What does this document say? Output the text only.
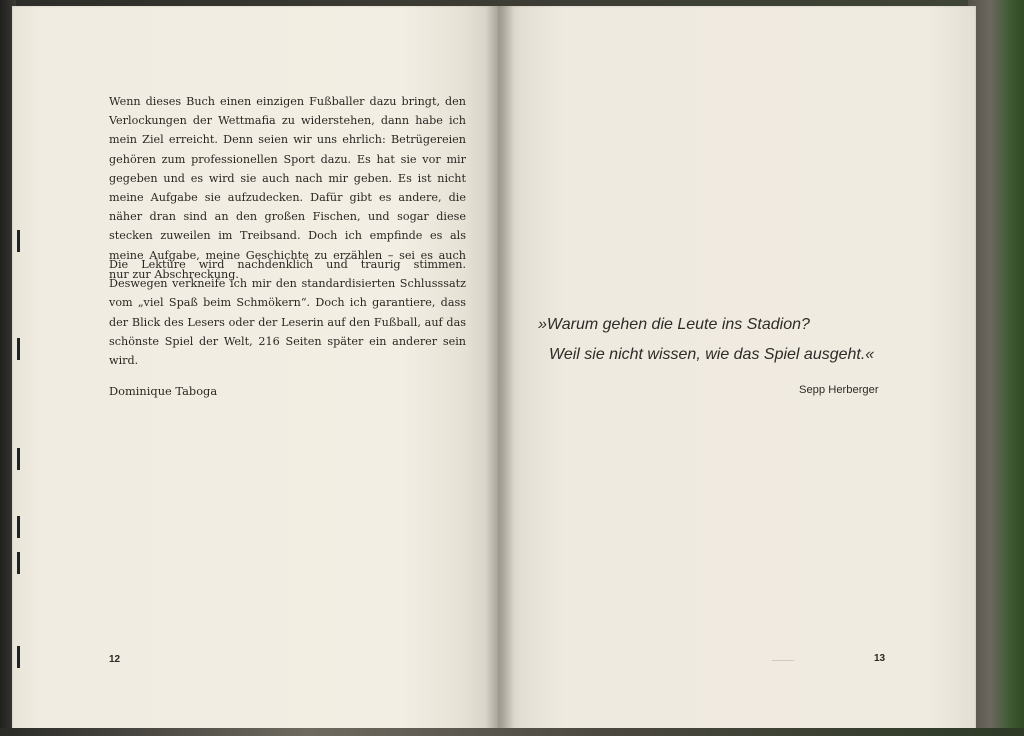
Wenn dieses Buch einen einzigen Fußballer dazu bringt, den Verlockungen der Wettmafia zu widerstehen, dann habe ich mein Ziel erreicht. Denn seien wir uns ehrlich: Betrügereien gehören zum professionellen Sport dazu. Es hat sie vor mir gegeben und es wird sie auch nach mir geben. Es ist nicht meine Aufgabe sie aufzudecken. Dafür gibt es andere, die näher dran sind an den großen Fischen, und sogar diese stecken zuweilen im Treibsand. Doch ich empfinde es als meine Aufgabe, meine Geschichte zu erzählen – sei es auch nur zur Abschreckung.

Die Lektüre wird nachdenklich und traurig stimmen. Deswegen verkneife ich mir den standardisierten Schlusssatz vom „viel Spaß beim Schmökern“. Doch ich garantiere, dass der Blick des Lesers oder der Leserin auf den Fußball, auf das schönste Spiel der Welt, 216 Seiten später ein anderer sein wird.

Dominique Taboga

12

»Warum gehen die Leute ins Stadion?

Weil sie nicht wissen, wie das Spiel ausgeht.«

Sepp Herberger

13
